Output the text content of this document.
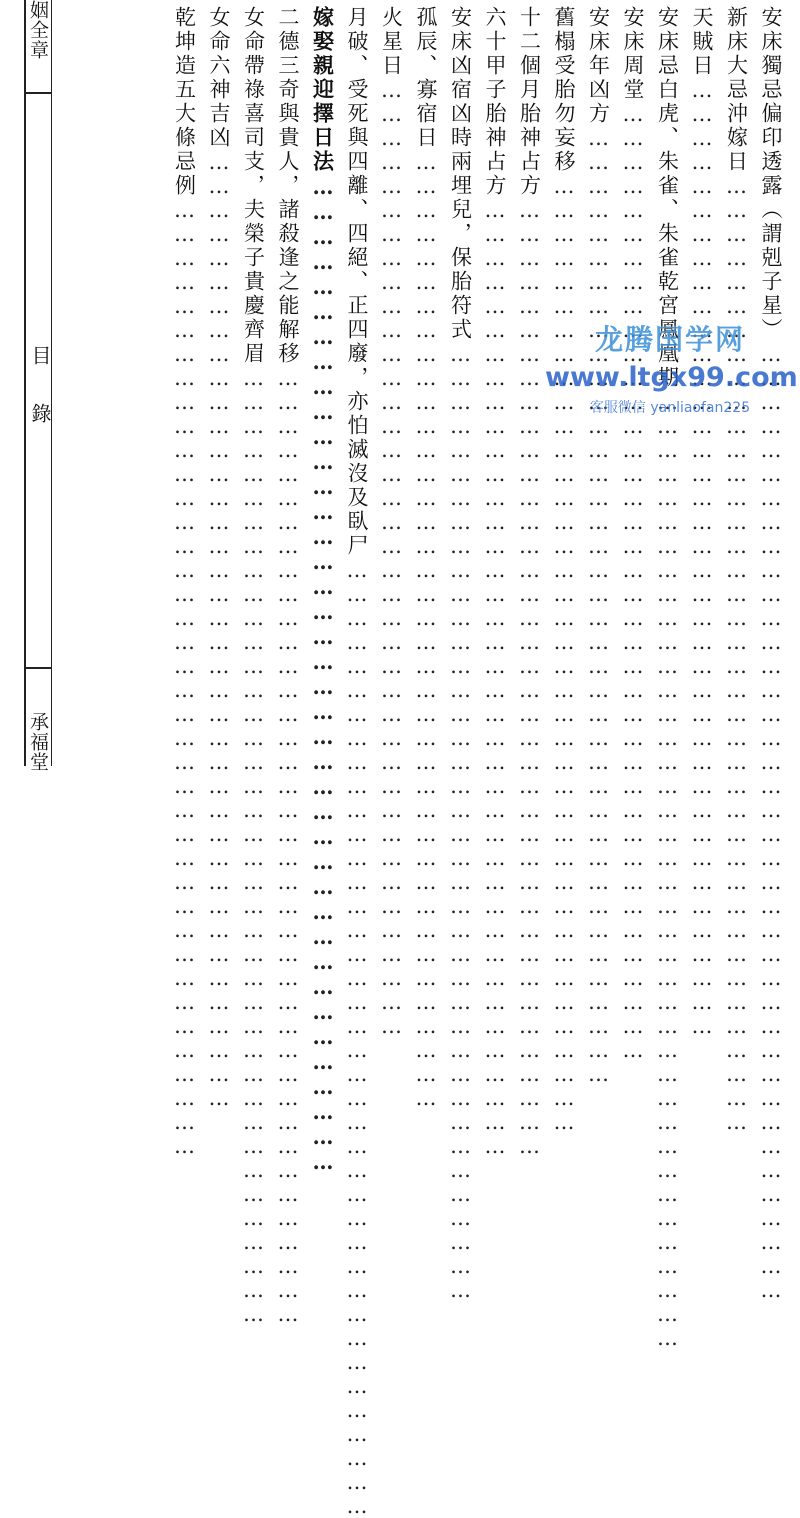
姻全章
目錄
承福堂
安床獨忌偏印透露（謂剋子星）…………………………………………………………………………………………………………
新床大忌沖嫁日…………………………………………………………………………………………………………
天賊日…………………………………………………………………………………………………………
安床忌白虎、朱雀、朱雀乾宮鳳凰期…………………………………………………………………………………………………………
安床周堂…………………………………………………………………………………………………………
安床年凶方…………………………………………………………………………………………………………
舊榻受胎勿妄移…………………………………………………………………………………………………………
十二個月胎神占方…………………………………………………………………………………………………………
六十甲子胎神占方…………………………………………………………………………………………………………
安床凶宿凶時兩埋兒，保胎符式…………………………………………………………………………………………………………
孤辰、寡宿日…………………………………………………………………………………………………………
火星日…………………………………………………………………………………………………………
月破、受死與四離、四絕、正四廢，亦怕滅沒及臥尸…………………………………………………………………………………………………………
嫁娶親迎擇日法…………………………………………………………………………………………………………
二德三奇與貴人，諸殺逢之能解移…………………………………………………………………………………………………………
女命帶祿喜司支，夫榮子貴慶齊眉…………………………………………………………………………………………………………
女命六神吉凶…………………………………………………………………………………………………………
乾坤造五大條忌例…………………………………………………………………………………………………………	龙腾国学网
www.ltgx99.com
客服微信 yanliaofan225
